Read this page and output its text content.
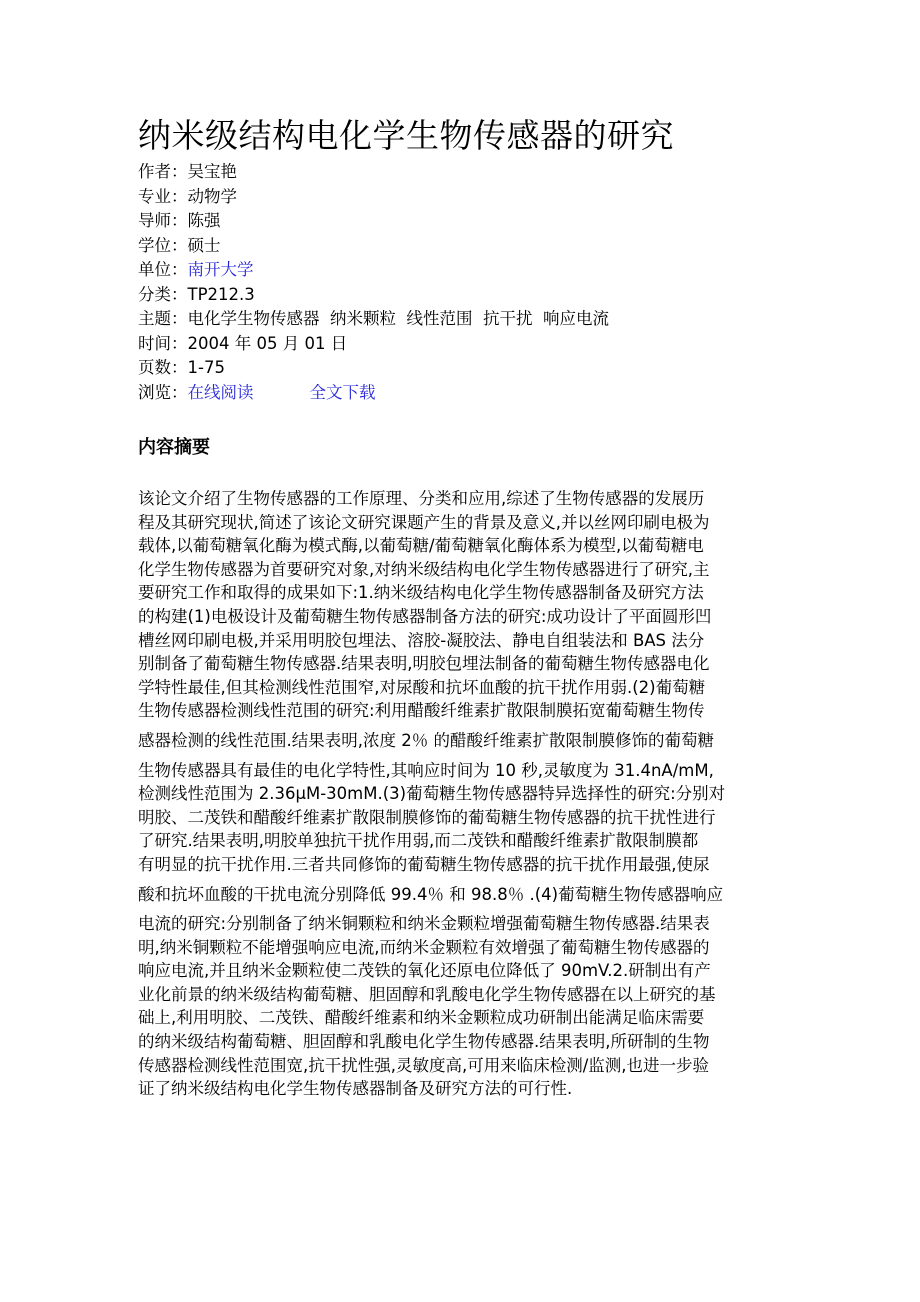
纳米级结构电化学生物传感器的研究
作者：吴宝艳
专业：动物学
导师：陈强
学位：硕士
单位：南开大学
分类：TP212.3
主题：电化学生物传感器  纳米颗粒  线性范围  抗干扰  响应电流
时间：2004 年 05 月 01 日
页数：1-75
浏览：在线阅读	全文下载
内容摘要
该论文介绍了生物传感器的工作原理、分类和应用,综述了生物传感器的发展历
程及其研究现状,简述了该论文研究课题产生的背景及意义,并以丝网印刷电极为
载体,以葡萄糖氧化酶为模式酶,以葡萄糖/葡萄糖氧化酶体系为模型,以葡萄糖电
化学生物传感器为首要研究对象,对纳米级结构电化学生物传感器进行了研究,主
要研究工作和取得的成果如下:1.纳米级结构电化学生物传感器制备及研究方法
的构建(1)电极设计及葡萄糖生物传感器制备方法的研究:成功设计了平面圆形凹
槽丝网印刷电极,并采用明胶包埋法、溶胶-凝胶法、静电自组装法和 BAS 法分
别制备了葡萄糖生物传感器.结果表明,明胶包埋法制备的葡萄糖生物传感器电化
学特性最佳,但其检测线性范围窄,对尿酸和抗坏血酸的抗干扰作用弱.(2)葡萄糖
生物传感器检测线性范围的研究:利用醋酸纤维素扩散限制膜拓宽葡萄糖生物传
感器检测的线性范围.结果表明,浓度 2％ 的醋酸纤维素扩散限制膜修饰的葡萄糖
生物传感器具有最佳的电化学特性,其响应时间为 10 秒,灵敏度为 31.4nA/mM,
检测线性范围为 2.36μM-30mM.(3)葡萄糖生物传感器特异选择性的研究:分别对
明胶、二茂铁和醋酸纤维素扩散限制膜修饰的葡萄糖生物传感器的抗干扰性进行
了研究.结果表明,明胶单独抗干扰作用弱,而二茂铁和醋酸纤维素扩散限制膜都
有明显的抗干扰作用.三者共同修饰的葡萄糖生物传感器的抗干扰作用最强,使尿
酸和抗坏血酸的干扰电流分别降低 99.4％ 和 98.8％ .(4)葡萄糖生物传感器响应
电流的研究:分别制备了纳米铜颗粒和纳米金颗粒增强葡萄糖生物传感器.结果表
明,纳米铜颗粒不能增强响应电流,而纳米金颗粒有效增强了葡萄糖生物传感器的
响应电流,并且纳米金颗粒使二茂铁的氧化还原电位降低了 90mV.2.研制出有产
业化前景的纳米级结构葡萄糖、胆固醇和乳酸电化学生物传感器在以上研究的基
础上,利用明胶、二茂铁、醋酸纤维素和纳米金颗粒成功研制出能满足临床需要
的纳米级结构葡萄糖、胆固醇和乳酸电化学生物传感器.结果表明,所研制的生物
传感器检测线性范围宽,抗干扰性强,灵敏度高,可用来临床检测/监测,也进一步验
证了纳米级结构电化学生物传感器制备及研究方法的可行性.
